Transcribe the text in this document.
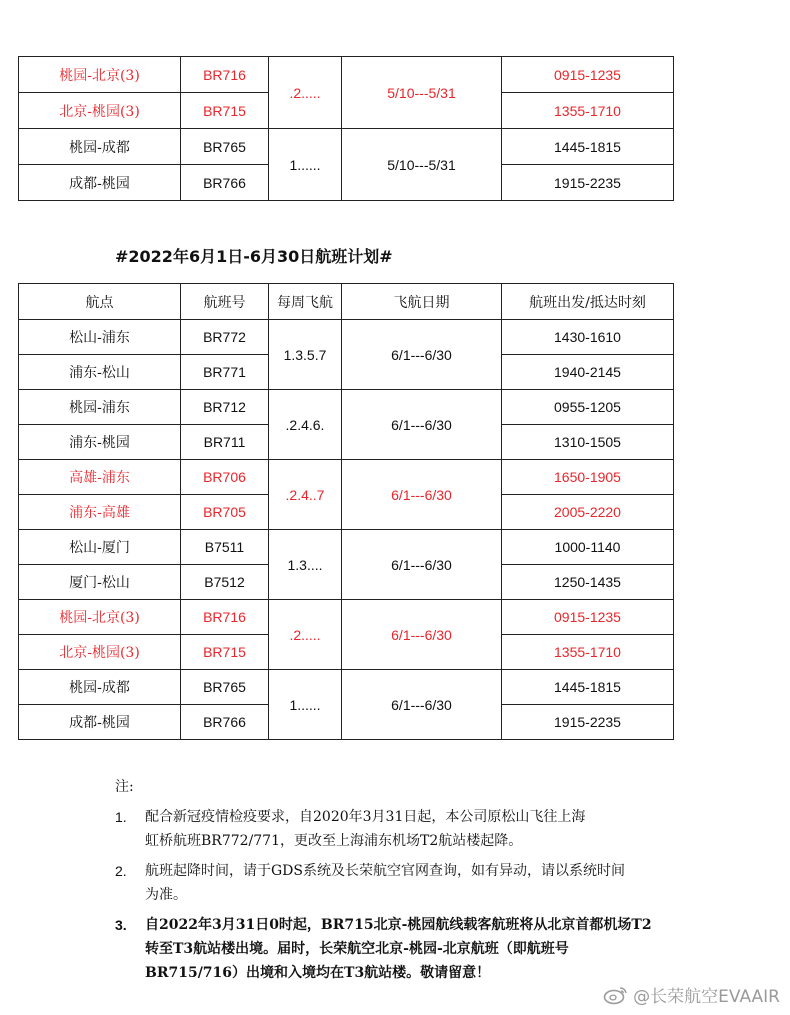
桃园-北京(3)	BR716	.2.....	5/10---5/31	0915-1235
北京-桃园(3)	BR715			1355-1710
桃园-成都	BR765	1......	5/10---5/31	1445-1815
成都-桃园	BR766			1915-2235
#2022年6月1日-6月30日航班计划#
航点	航班号	每周飞航	飞航日期	航班出发/抵达时刻
松山-浦东	BR772	1.3.5.7	6/1---6/30	1430-1610
浦东-松山	BR771			1940-2145
桃园-浦东	BR712	.2.4.6.	6/1---6/30	0955-1205
浦东-桃园	BR711			1310-1505
高雄-浦东	BR706	.2.4..7	6/1---6/30	1650-1905
浦东-高雄	BR705			2005-2220
松山-厦门	B7511	1.3....	6/1---6/30	1000-1140
厦门-松山	B7512			1250-1435
桃园-北京(3)	BR716	.2.....	6/1---6/30	0915-1235
北京-桃园(3)	BR715			1355-1710
桃园-成都	BR765	1......	6/1---6/30	1445-1815
成都-桃园	BR766			1915-2235
注:
1. 配合新冠疫情检疫要求，自2020年3月31日起，本公司原松山飞往上海
虹桥航班BR772/771，更改至上海浦东机场T2航站楼起降。
2. 航班起降时间，请于GDS系统及长荣航空官网查询，如有异动，请以系统时间
为准。
3. 自2022年3月31日0时起，BR715北京-桃园航线载客航班将从北京首都机场T2
转至T3航站楼出境。届时，长荣航空北京-桃园-北京航班（即航班号
BR715/716）出境和入境均在T3航站楼。敬请留意！
@长荣航空EVAAIR
